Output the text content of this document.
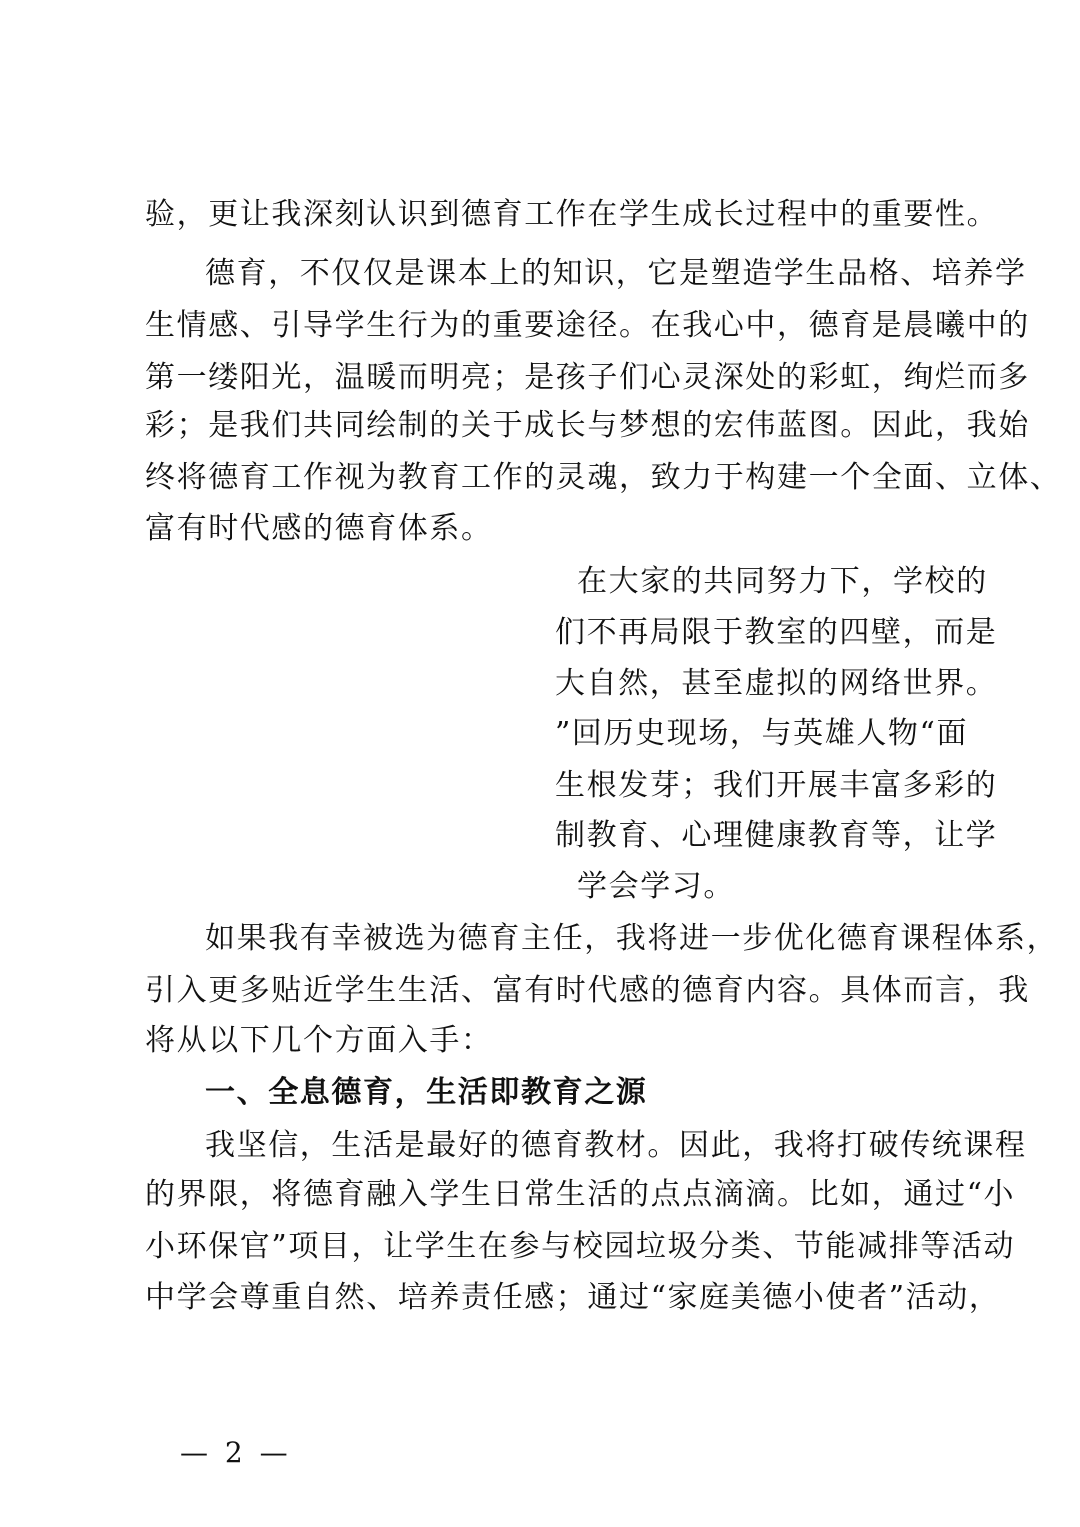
验，更让我深刻认识到德育工作在学生成长过程中的重要性。
德育，不仅仅是课本上的知识，它是塑造学生品格、培养学
生情感、引导学生行为的重要途径。在我心中，德育是晨曦中的
第一缕阳光，温暖而明亮；是孩子们心灵深处的彩虹，绚烂而多
彩；是我们共同绘制的关于成长与梦想的宏伟蓝图。因此，我始
终将德育工作视为教育工作的灵魂，致力于构建一个全面、立体、
富有时代感的德育体系。
在大家的共同努力下，学校的
们不再局限于教室的四壁，而是
大自然，甚至虚拟的网络世界。
”回历史现场，与英雄人物“面
生根发芽；我们开展丰富多彩的
制教育、心理健康教育等，让学
学会学习。
如果我有幸被选为德育主任，我将进一步优化德育课程体系，
引入更多贴近学生生活、富有时代感的德育内容。具体而言，我
将从以下几个方面入手：
一、全息德育，生活即教育之源
我坚信，生活是最好的德育教材。因此，我将打破传统课程
的界限，将德育融入学生日常生活的点点滴滴。比如，通过“小
小环保官”项目，让学生在参与校园垃圾分类、节能减排等活动
中学会尊重自然、培养责任感；通过“家庭美德小使者”活动，
— 2 —
